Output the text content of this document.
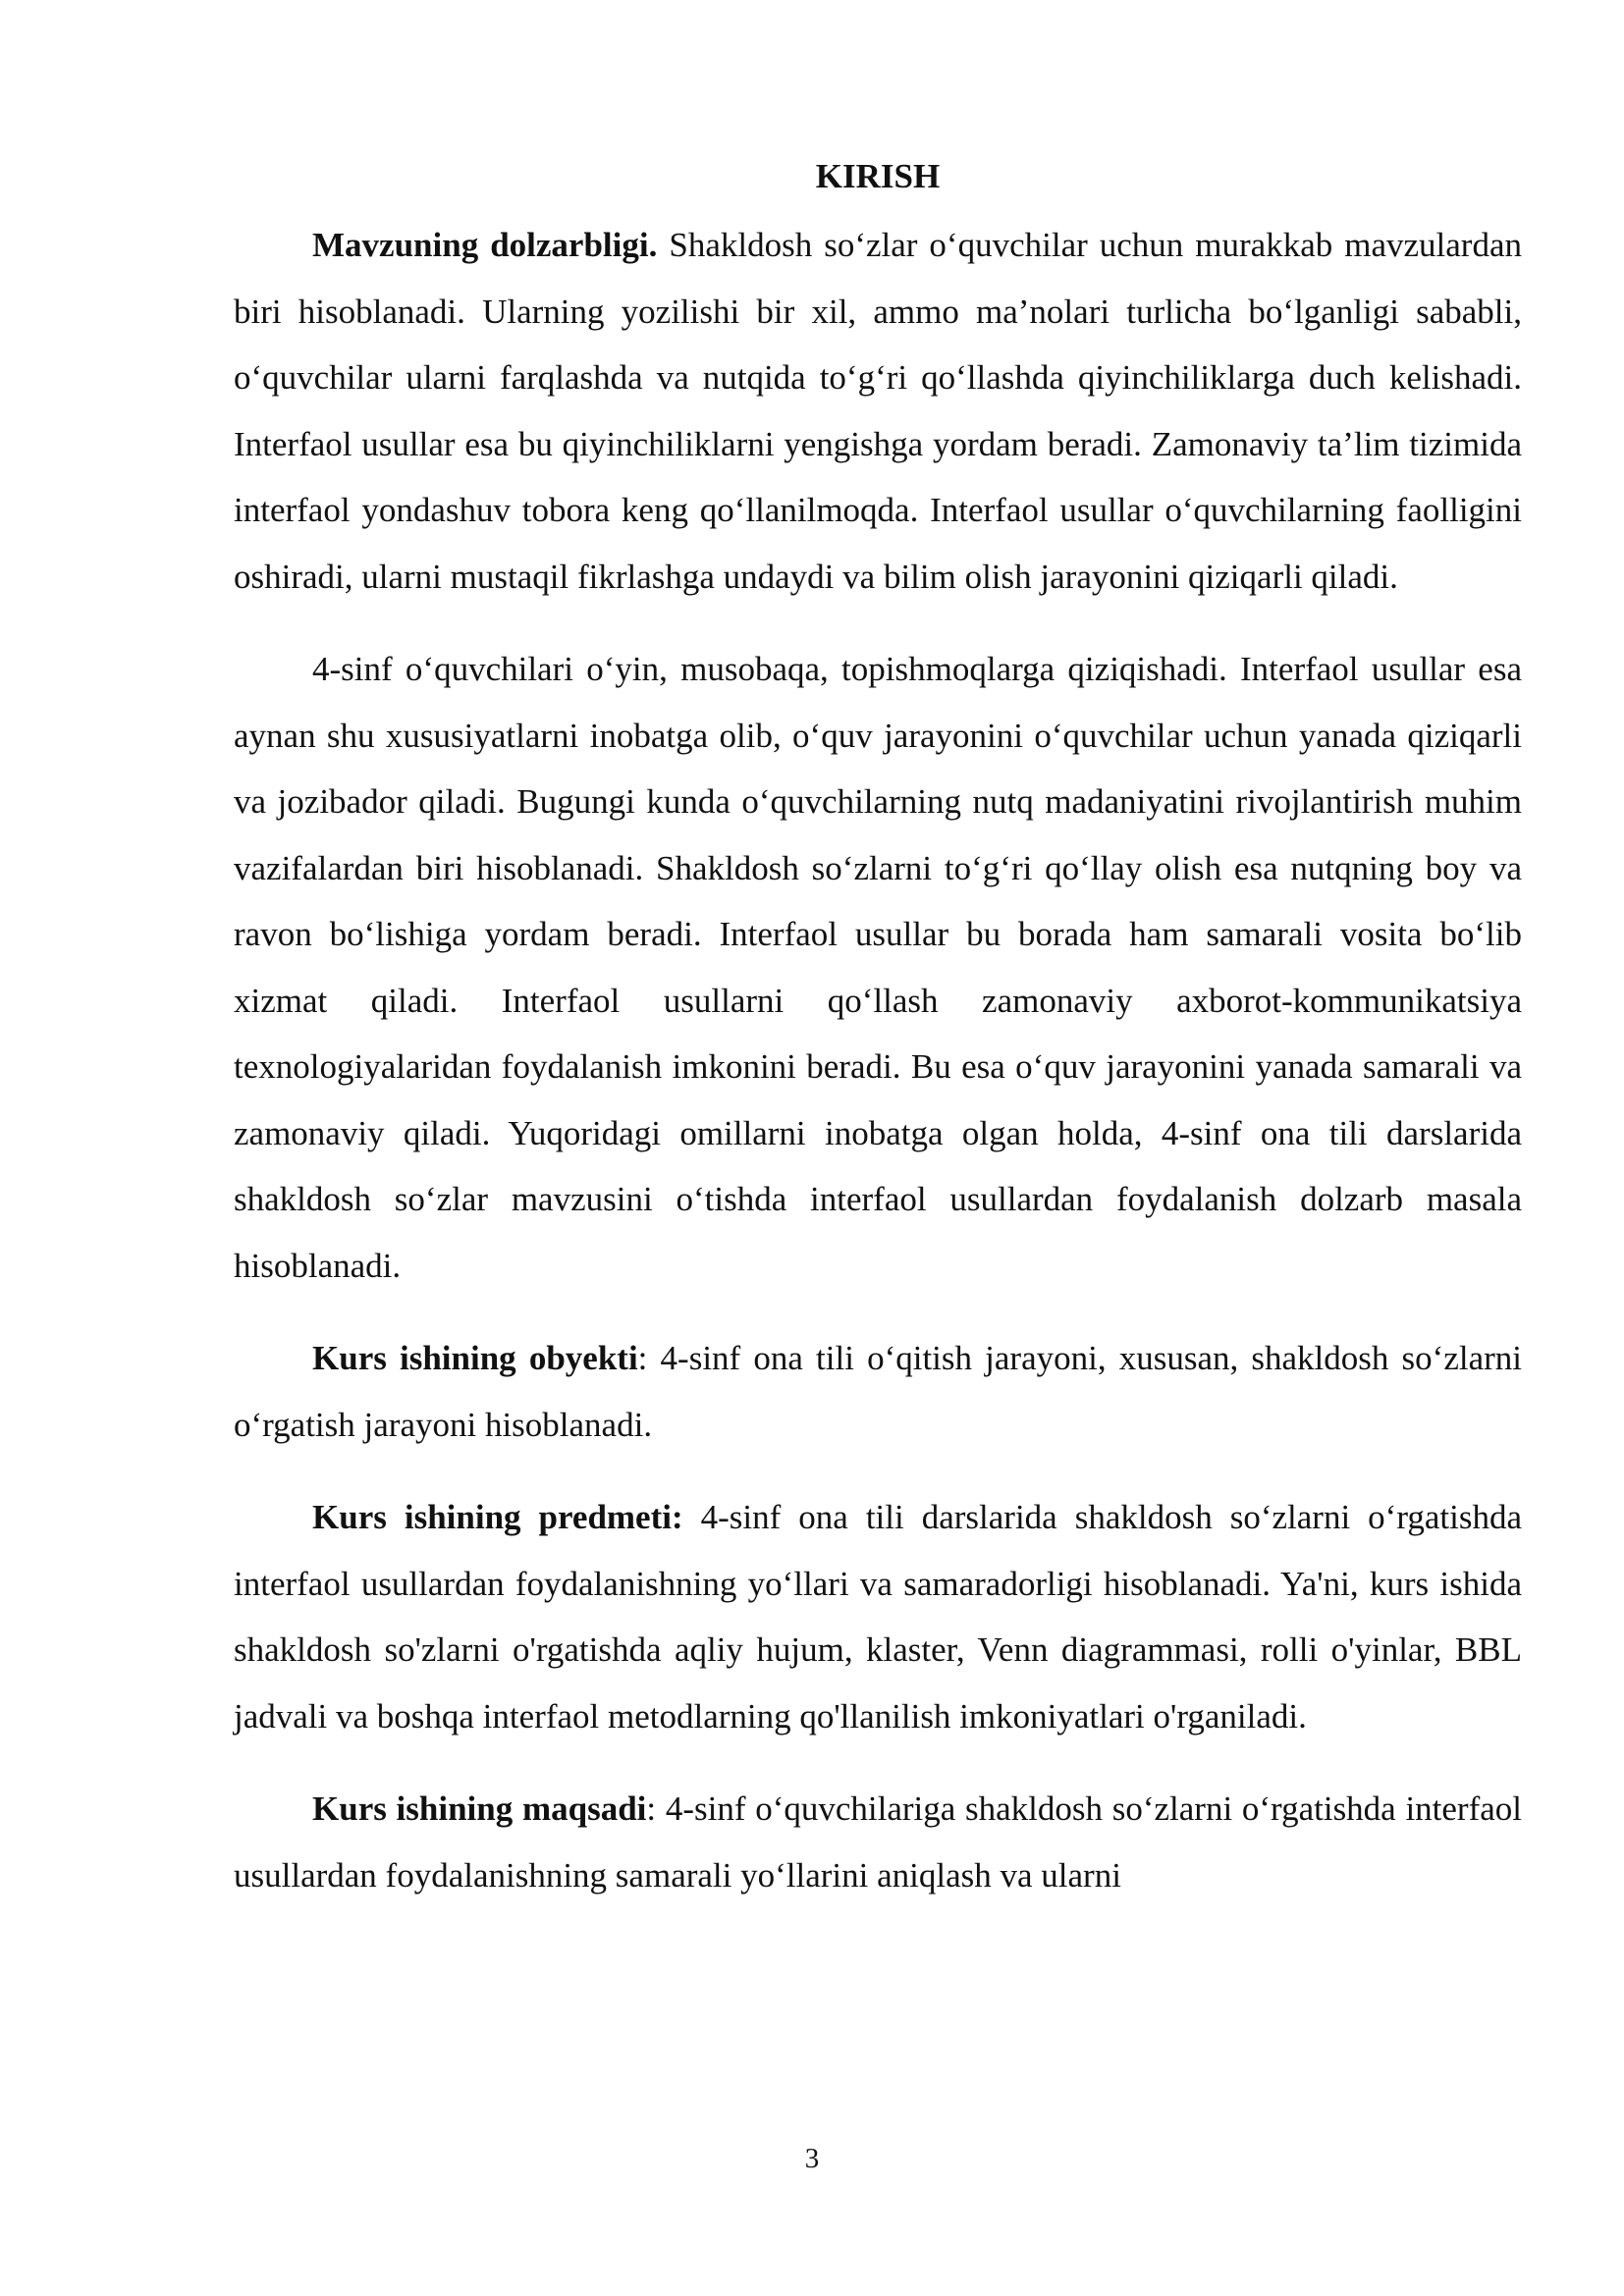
KIRISH

Mavzuning dolzarbligi. Shakldosh so‘zlar o‘quvchilar uchun murakkab mavzulardan biri hisoblanadi. Ularning yozilishi bir xil, ammo ma’nolari turlicha bo‘lganligi sababli, o‘quvchilar ularni farqlashda va nutqida to‘g‘ri qo‘llashda qiyinchiliklarga duch kelishadi. Interfaol usullar esa bu qiyinchiliklarni yengishga yordam beradi. Zamonaviy ta’lim tizimida interfaol yondashuv tobora keng qo‘llanilmoqda. Interfaol usullar o‘quvchilarning faolligini oshiradi, ularni mustaqil fikrlashga undaydi va bilim olish jarayonini qiziqarli qiladi.

4-sinf o‘quvchilari o‘yin, musobaqa, topishmoqlarga qiziqishadi. Interfaol usullar esa aynan shu xususiyatlarni inobatga olib, o‘quv jarayonini o‘quvchilar uchun yanada qiziqarli va jozibador qiladi. Bugungi kunda o‘quvchilarning nutq madaniyatini rivojlantirish muhim vazifalardan biri hisoblanadi. Shakldosh so‘zlarni to‘g‘ri qo‘llay olish esa nutqning boy va ravon bo‘lishiga yordam beradi. Interfaol usullar bu borada ham samarali vosita bo‘lib xizmat qiladi. Interfaol usullarni qo‘llash zamonaviy axborot-kommunikatsiya texnologiyalaridan foydalanish imkonini beradi. Bu esa o‘quv jarayonini yanada samarali va zamonaviy qiladi. Yuqoridagi omillarni inobatga olgan holda, 4-sinf ona tili darslarida shakldosh so‘zlar mavzusini o‘tishda interfaol usullardan foydalanish dolzarb masala hisoblanadi.

Kurs ishining obyekti: 4-sinf ona tili o‘qitish jarayoni, xususan, shakldosh so‘zlarni o‘rgatish jarayoni hisoblanadi.

Kurs ishining predmeti: 4-sinf ona tili darslarida shakldosh so‘zlarni o‘rgatishda interfaol usullardan foydalanishning yo‘llari va samaradorligi hisoblanadi. Ya'ni, kurs ishida shakldosh so'zlarni o'rgatishda aqliy hujum, klaster, Venn diagrammasi, rolli o'yinlar, BBL jadvali va boshqa interfaol metodlarning qo'llanilish imkoniyatlari o'rganiladi.

Kurs ishining maqsadi: 4-sinf o‘quvchilariga shakldosh so‘zlarni o‘rgatishda interfaol usullardan foydalanishning samarali yo‘llarini aniqlash va ularni

3
